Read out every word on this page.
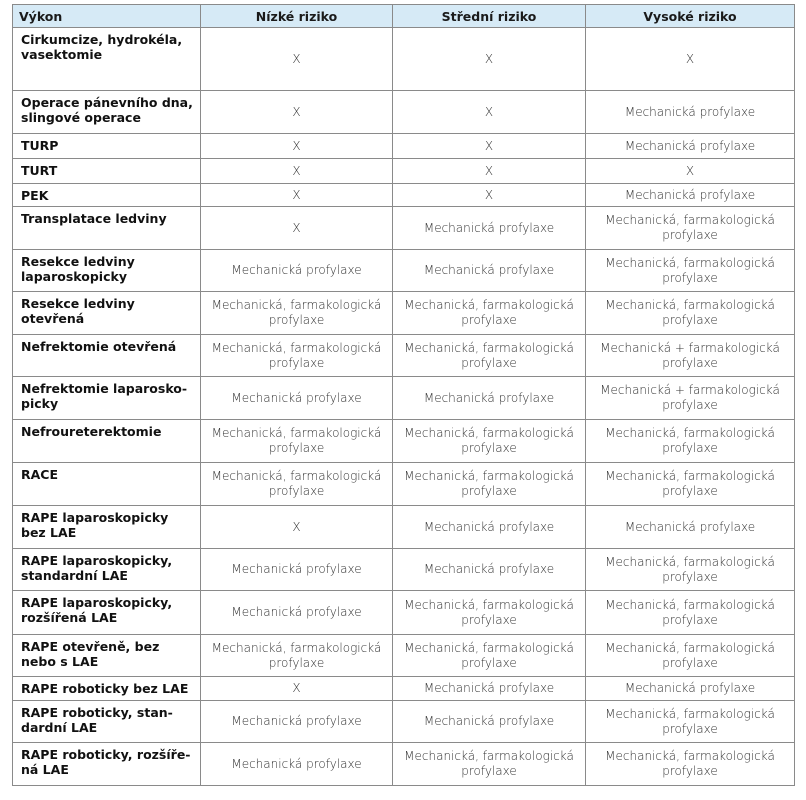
Výkon	Nízké riziko	Střední riziko	Vysoké riziko
Cirkumcize, hydrokéla, vasektomie	X	X	X
Operace pánevního dna, slingové operace	X	X	Mechanická profylaxe
TURP	X	X	Mechanická profylaxe
TURT	X	X	X
PEK	X	X	Mechanická profylaxe
Transplatace ledviny	X	Mechanická profylaxe	Mechanická, farmakologická profylaxe
Resekce ledviny laparoskopicky	Mechanická profylaxe	Mechanická profylaxe	Mechanická, farmakologická profylaxe
Resekce ledviny otevřená	Mechanická, farmakologická profylaxe	Mechanická, farmakologická profylaxe	Mechanická, farmakologická profylaxe
Nefrektomie otevřená	Mechanická, farmakologická profylaxe	Mechanická, farmakologická profylaxe	Mechanická + farmakologická profylaxe
Nefrektomie laparosko-picky	Mechanická profylaxe	Mechanická profylaxe	Mechanická + farmakologická profylaxe
Nefroureterektomie	Mechanická, farmakologická profylaxe	Mechanická, farmakologická profylaxe	Mechanická, farmakologická profylaxe
RACE	Mechanická, farmakologická profylaxe	Mechanická, farmakologická profylaxe	Mechanická, farmakologická profylaxe
RAPE laparoskopicky bez LAE	X	Mechanická profylaxe	Mechanická profylaxe
RAPE laparoskopicky, standardní LAE	Mechanická profylaxe	Mechanická profylaxe	Mechanická, farmakologická profylaxe
RAPE laparoskopicky, rozšířená LAE	Mechanická profylaxe	Mechanická, farmakologická profylaxe	Mechanická, farmakologická profylaxe
RAPE otevřeně, bez nebo s LAE	Mechanická, farmakologická profylaxe	Mechanická, farmakologická profylaxe	Mechanická, farmakologická profylaxe
RAPE roboticky bez LAE	X	Mechanická profylaxe	Mechanická profylaxe
RAPE roboticky, stan-dardní LAE	Mechanická profylaxe	Mechanická profylaxe	Mechanická, farmakologická profylaxe
RAPE roboticky, rozšíře-ná LAE	Mechanická profylaxe	Mechanická, farmakologická profylaxe	Mechanická, farmakologická profylaxe
